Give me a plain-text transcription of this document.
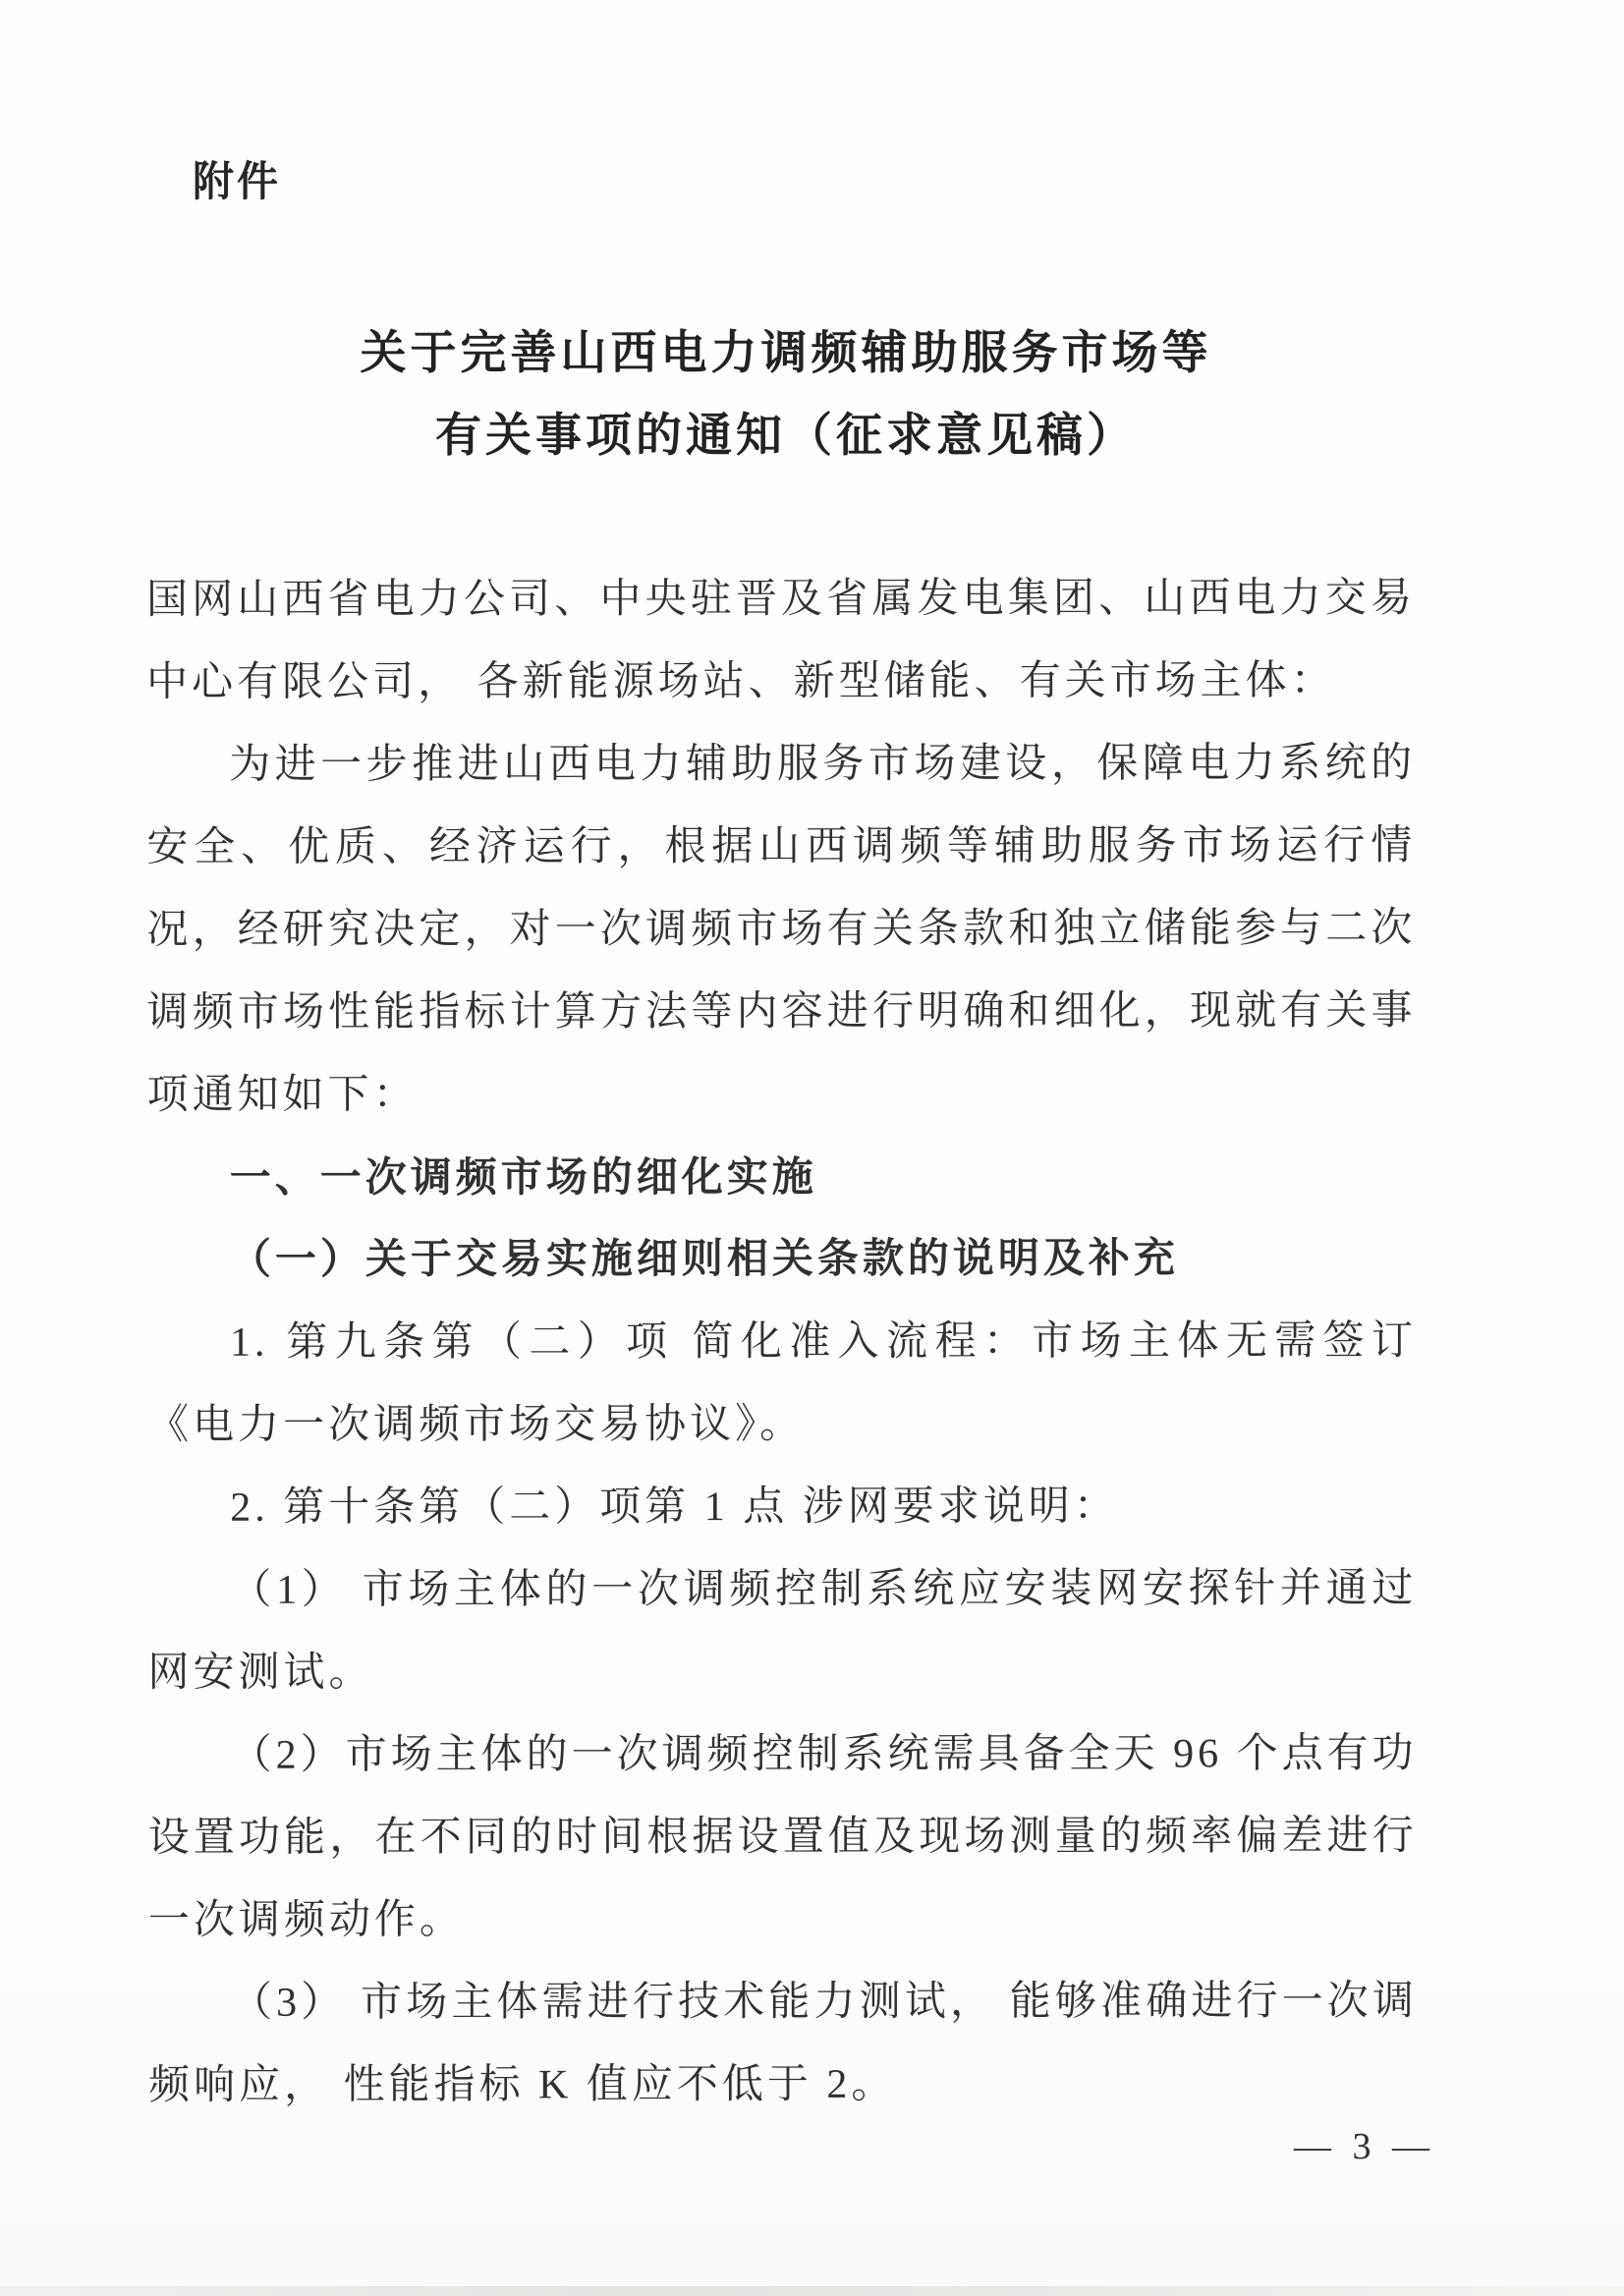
附件
关于完善山西电力调频辅助服务市场等
有关事项的通知（征求意见稿）

国网山西省电力公司、中央驻晋及省属发电集团、山西电力交易中心有限公司， 各新能源场站、新型储能、有关市场主体：

为进一步推进山西电力辅助服务市场建设，保障电力系统的安全、优质、经济运行，根据山西调频等辅助服务市场运行情况，经研究决定，对一次调频市场有关条款和独立储能参与二次调频市场性能指标计算方法等内容进行明确和细化，现就有关事项通知如下：

一、一次调频市场的细化实施

（一）关于交易实施细则相关条款的说明及补充

1. 第九条第（二）项 简化准入流程：市场主体无需签订《电力一次调频市场交易协议》。

2. 第十条第（二）项第 1 点 涉网要求说明：

（1） 市场主体的一次调频控制系统应安装网安探针并通过网安测试。

（2）市场主体的一次调频控制系统需具备全天 96 个点有功设置功能，在不同的时间根据设置值及现场测量的频率偏差进行一次调频动作。

（3） 市场主体需进行技术能力测试， 能够准确进行一次调频响应， 性能指标 K 值应不低于 2。

— 3 —
